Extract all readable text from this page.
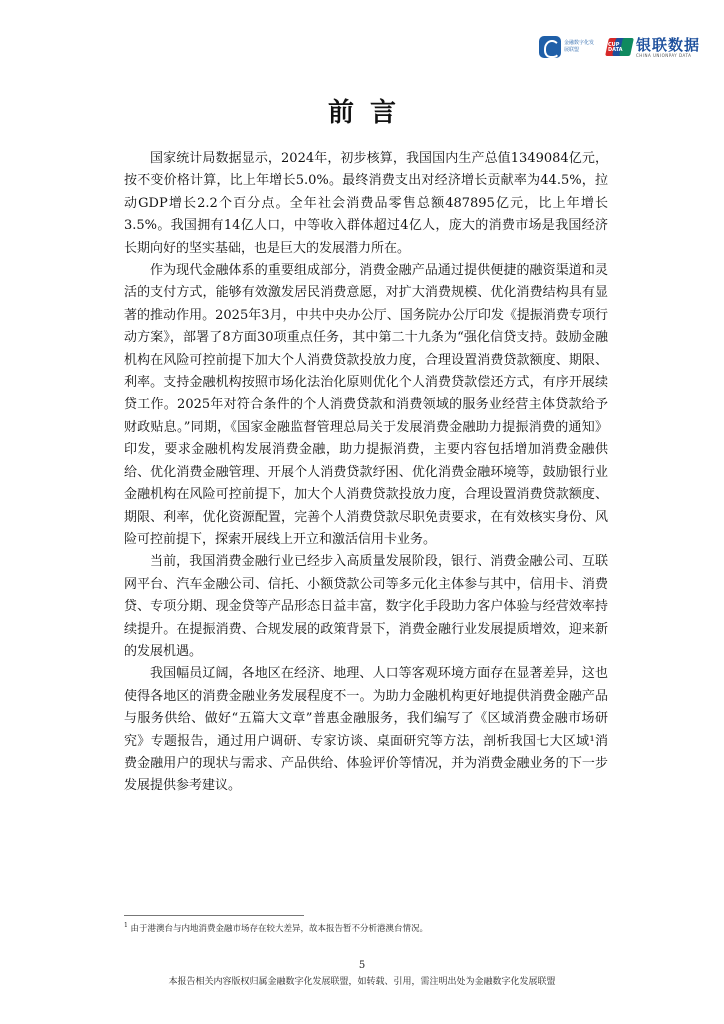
金融数字化发展联盟
CUP DATA 银联数据
CHINA UNIONPAY DATA
前言

国家统计局数据显示，2024年，初步核算，我国国内生产总值1349084亿元，按不变价格计算，比上年增长5.0%。最终消费支出对经济增长贡献率为44.5%，拉动GDP增长2.2个百分点。全年社会消费品零售总额487895亿元，比上年增长3.5%。我国拥有14亿人口，中等收入群体超过4亿人，庞大的消费市场是我国经济长期向好的坚实基础，也是巨大的发展潜力所在。

作为现代金融体系的重要组成部分，消费金融产品通过提供便捷的融资渠道和灵活的支付方式，能够有效激发居民消费意愿，对扩大消费规模、优化消费结构具有显著的推动作用。2025年3月，中共中央办公厅、国务院办公厅印发《提振消费专项行动方案》，部署了8方面30项重点任务，其中第二十九条为“强化信贷支持。鼓励金融机构在风险可控前提下加大个人消费贷款投放力度，合理设置消费贷款额度、期限、利率。支持金融机构按照市场化法治化原则优化个人消费贷款偿还方式，有序开展续贷工作。2025年对符合条件的个人消费贷款和消费领域的服务业经营主体贷款给予财政贴息。”同期，《国家金融监督管理总局关于发展消费金融助力提振消费的通知》印发，要求金融机构发展消费金融，助力提振消费，主要内容包括增加消费金融供给、优化消费金融管理、开展个人消费贷款纾困、优化消费金融环境等，鼓励银行业金融机构在风险可控前提下，加大个人消费贷款投放力度，合理设置消费贷款额度、期限、利率，优化资源配置，完善个人消费贷款尽职免责要求，在有效核实身份、风险可控前提下，探索开展线上开立和激活信用卡业务。

当前，我国消费金融行业已经步入高质量发展阶段，银行、消费金融公司、互联网平台、汽车金融公司、信托、小额贷款公司等多元化主体参与其中，信用卡、消费贷、专项分期、现金贷等产品形态日益丰富，数字化手段助力客户体验与经营效率持续提升。在提振消费、合规发展的政策背景下，消费金融行业发展提质增效，迎来新的发展机遇。

我国幅员辽阔，各地区在经济、地理、人口等客观环境方面存在显著差异，这也使得各地区的消费金融业务发展程度不一。为助力金融机构更好地提供消费金融产品与服务供给、做好“五篇大文章”普惠金融服务，我们编写了《区域消费金融市场研究》专题报告，通过用户调研、专家访谈、桌面研究等方法，剖析我国七大区域¹消费金融用户的现状与需求、产品供给、体验评价等情况，并为消费金融业务的下一步发展提供参考建议。

$^1$ 由于港澳台与内地消费金融市场存在较大差异，故本报告暂不分析港澳台情况。
5
本报告相关内容版权归属金融数字化发展联盟，如转载、引用，需注明出处为金融数字化发展联盟
